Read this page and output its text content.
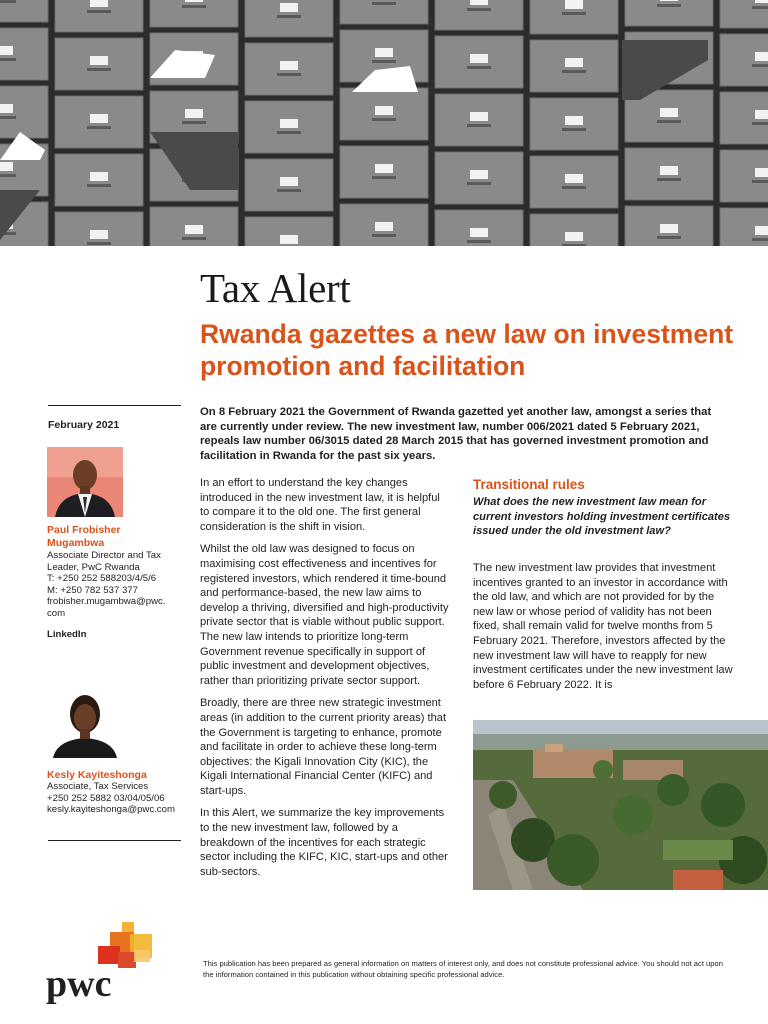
Tax Alert
Rwanda gazettes a new law on investment promotion and facilitation
February 2021
Paul Frobisher Mugambwa
Associate Director and Tax
Leader, PwC Rwanda
T: +250 252 588203/4/5/6
M: +250 782 537 377
frobisher.mugambwa@pwc.
com
LinkedIn
Kesly Kayiteshonga
Associate, Tax Services
+250 252 5882 03/04/05/06
kesly.kayiteshonga@pwc.com
On 8 February 2021 the Government of Rwanda gazetted yet another law, amongst a series that are currently under review. The new investment law, number 006/2021 dated 5 February 2021, repeals law number 06/3015 dated 28 March 2015 that has governed investment promotion and facilitation in Rwanda for the past six years.

In an effort to understand the key changes introduced in the new investment law, it is helpful to compare it to the old one. The first general consideration is the shift in vision.

Whilst the old law was designed to focus on maximising cost effectiveness and incentives for registered investors, which rendered it time-bound and performance-based, the new law aims to develop a thriving, diversified and high-productivity private sector that is viable without public support. The new law intends to prioritize long-term Government revenue specifically in support of public investment and development objectives, rather than prioritizing private sector support.

Broadly, there are three new strategic investment areas (in addition to the current priority areas) that the Government is targeting to enhance, promote and facilitate in order to achieve these long-term objectives: the Kigali Innovation City (KIC), the Kigali International Financial Center (KIFC) and start-ups.

In this Alert, we summarize the key improvements to the new investment law, followed by a breakdown of the incentives for each strategic sector including the KIFC, KIC, start-ups and other sub-sectors.

Transitional rules
What does the new investment law mean for current investors holding investment certificates issued under the old investment law?

The new investment law provides that investment incentives granted to an investor in accordance with the old law, and which are not provided for by the new law or whose period of validity has not been fixed, shall remain valid for twelve months from 5 February 2021. Therefore, investors affected by the new investment law will have to reapply for new investment certificates under the new investment law before 6 February 2022. It is

This publication has been prepared as general information on matters of interest only, and does not constitute professional advice. You should not act upon the information contained in this publication without obtaining specific professional advice.
pwc
